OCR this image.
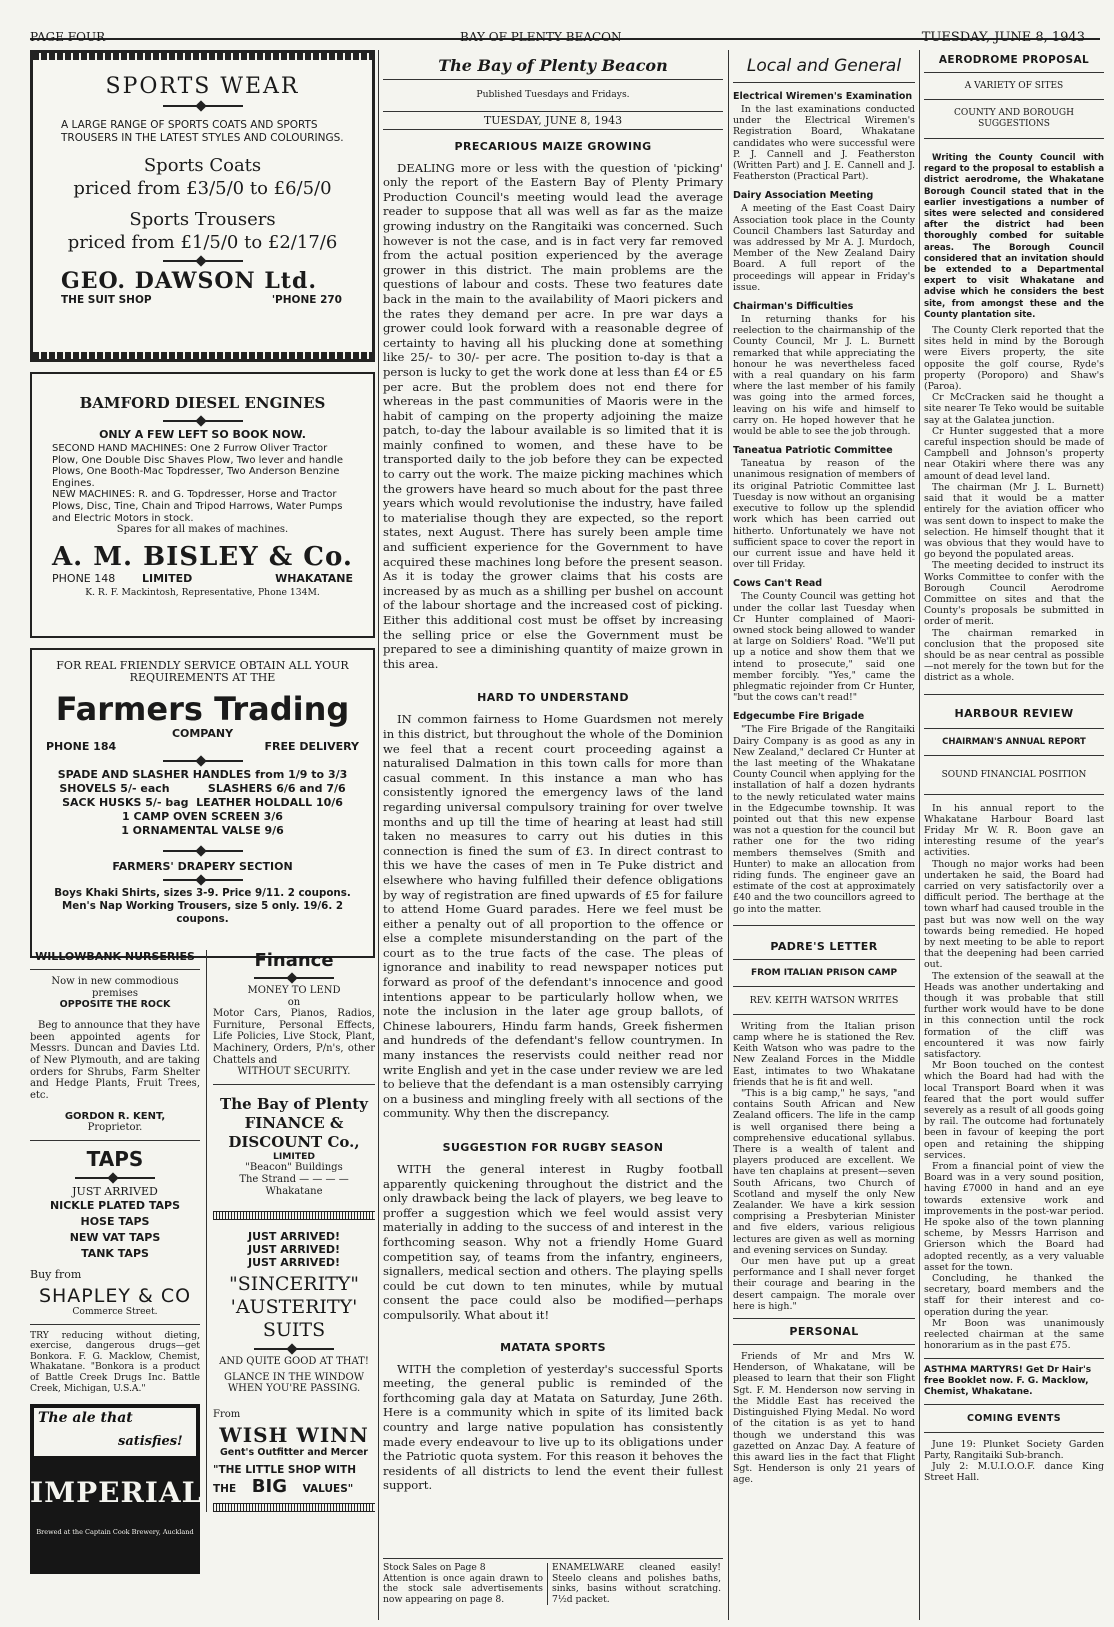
PAGE FOUR	BAY OF PLENTY BEACON	TUESDAY, JUNE 8, 1943
SPORTS WEAR
A LARGE RANGE OF SPORTS COATS AND SPORTS TROUSERS IN THE LATEST STYLES AND COLOURINGS.
Sports Coats
priced from £3/5/0 to £6/5/0
Sports Trousers
priced from £1/5/0 to £2/17/6
GEO. DAWSON Ltd.
THE SUIT SHOP	'PHONE 270
BAMFORD DIESEL ENGINES
ONLY A FEW LEFT SO BOOK NOW.
SECOND HAND MACHINES: One 2 Furrow Oliver Tractor Plow, One Double Disc Shaves Plow, Two lever and handle Plows, One Booth-Mac Topdresser, Two Anderson Benzine Engines.
NEW MACHINES: R. and G. Topdresser, Horse and Tractor Plows, Disc, Tine, Chain and Tripod Harrows, Water Pumps and Electric Motors in stock.
Spares for all makes of machines.
A. M. BISLEY & Co.
PHONE 148 LIMITED	WHAKATANE
K. R. F. Mackintosh, Representative, Phone 134M.
FOR REAL FRIENDLY SERVICE OBTAIN ALL YOUR REQUIREMENTS AT THE
Farmers Trading
COMPANY
PHONE 184	FREE DELIVERY
SPADE AND SLASHER HANDLES from 1/9 to 3/3
SHOVELS 5/- each          SLASHERS 6/6 and 7/6
SACK HUSKS 5/- bag  LEATHER HOLDALL 10/6
1 CAMP OVEN SCREEN 3/6
1 ORNAMENTAL VALSE 9/6
FARMERS' DRAPERY SECTION
Boys Khaki Shirts, sizes 3-9. Price 9/11. 2 coupons.
Men's Nap Working Trousers, size 5 only. 19/6. 2 coupons.
WILLOWBANK NURSERIES
Now in new commodious premises
OPPOSITE THE ROCK
Beg to announce that they have been appointed agents for Messrs. Duncan and Davies Ltd. of New Plymouth, and are taking orders for Shrubs, Farm Shelter and Hedge Plants, Fruit Trees, etc.
GORDON R. KENT,
Proprietor.
TAPS
JUST ARRIVED
NICKLE PLATED TAPS
HOSE TAPS
NEW VAT TAPS
TANK TAPS
Buy from
SHAPLEY & CO
Commerce Street.
TRY reducing without dieting, exercise, dangerous drugs—get Bonkora. F. G. Macklow, Chemist, Whakatane. "Bonkora is a product of Battle Creek Drugs Inc. Battle Creek, Michigan, U.S.A."
The ale that
satisfies!
IMPERIAL
Brewed at the Captain Cook Brewery, Auckland
Finance
MONEY TO LEND
on
Motor Cars, Pianos, Radios, Furniture, Personal Effects, Life Policies, Live Stock, Plant, Machinery, Orders, P/n's, other Chattels and
WITHOUT SECURITY.
The Bay of Plenty FINANCE & DISCOUNT Co.,
LIMITED
"Beacon" Buildings
The Strand — — — — Whakatane
JUST ARRIVED!
JUST ARRIVED!
JUST ARRIVED!
"SINCERITY"
'AUSTERITY'
SUITS
AND QUITE GOOD AT THAT!
GLANCE IN THE WINDOW WHEN YOU'RE PASSING.
From
WISH WINN
Gent's Outfitter and Mercer
"THE LITTLE SHOP WITH
THE BIG VALUES"
The Bay of Plenty Beacon
Published Tuesdays and Fridays.
TUESDAY, JUNE 8, 1943
PRECARIOUS MAIZE GROWING
DEALING more or less with the question of 'picking' only the report of the Eastern Bay of Plenty Primary Production Council's meeting would lead the average reader to suppose that all was well as far as the maize growing industry on the Rangitaiki was concerned. Such however is not the case, and is in fact very far removed from the actual position experienced by the average grower in this district. The main problems are the questions of labour and costs. These two features date back in the main to the availability of Maori pickers and the rates they demand per acre. In pre war days a grower could look forward with a reasonable degree of certainty to having all his plucking done at something like 25/- to 30/- per acre. The position to-day is that a person is lucky to get the work done at less than £4 or £5 per acre. But the problem does not end there for whereas in the past communities of Maoris were in the habit of camping on the property adjoining the maize patch, to-day the labour available is so limited that it is mainly confined to women, and these have to be transported daily to the job before they can be expected to carry out the work. The maize picking machines which the growers have heard so much about for the past three years which would revolutionise the industry, have failed to materialise though they are expected, so the report states, next August. There has surely been ample time and sufficient experience for the Government to have acquired these machines long before the present season. As it is today the grower claims that his costs are increased by as much as a shilling per bushel on account of the labour shortage and the increased cost of picking. Either this additional cost must be offset by increasing the selling price or else the Government must be prepared to see a diminishing quantity of maize grown in this area.
HARD TO UNDERSTAND
IN common fairness to Home Guardsmen not merely in this district, but throughout the whole of the Dominion we feel that a recent court proceeding against a naturalised Dalmation in this town calls for more than casual comment. In this instance a man who has consistently ignored the emergency laws of the land regarding universal compulsory training for over twelve months and up till the time of hearing at least had still taken no measures to carry out his duties in this connection is fined the sum of £3. In direct contrast to this we have the cases of men in Te Puke district and elsewhere who having fulfilled their defence obligations by way of registration are fined upwards of £5 for failure to attend Home Guard parades. Here we feel must be either a penalty out of all proportion to the offence or else a complete misunderstanding on the part of the court as to the true facts of the case. The pleas of ignorance and inability to read newspaper notices put forward as proof of the defendant's innocence and good intentions appear to be particularly hollow when, we note the inclusion in the later age group ballots, of Chinese labourers, Hindu farm hands, Greek fishermen and hundreds of the defendant's fellow countrymen. In many instances the reservists could neither read nor write English and yet in the case under review we are led to believe that the defendant is a man ostensibly carrying on a business and mingling freely with all sections of the community. Why then the discrepancy.
SUGGESTION FOR RUGBY SEASON
WITH the general interest in Rugby football apparently quickening throughout the district and the only drawback being the lack of players, we beg leave to proffer a suggestion which we feel would assist very materially in adding to the success of and interest in the forthcoming season. Why not a friendly Home Guard competition say, of teams from the infantry, engineers, signallers, medical section and others. The playing spells could be cut down to ten minutes, while by mutual consent the pace could also be modified—perhaps compulsorily. What about it!
MATATA SPORTS
WITH the completion of yesterday's successful Sports meeting, the general public is reminded of the forthcoming gala day at Matata on Saturday, June 26th. Here is a community which in spite of its limited back country and large native population has consistently made every endeavour to live up to its obligations under the Patriotic quota system. For this reason it behoves the residents of all districts to lend the event their fullest support.
Stock Sales on Page 8
Attention is once again drawn to the stock sale advertisements now appearing on page 8.
ENAMELWARE cleaned easily! Steelo cleans and polishes baths, sinks, basins without scratching. 7½d packet.
Local and General
Electrical Wiremen's Examination
In the last examinations conducted under the Electrical Wiremen's Registration Board, Whakatane candidates who were successful were P. J. Cannell and J. Featherston (Written Part) and J. E. Cannell and J. Featherston (Practical Part).
Dairy Association Meeting
A meeting of the East Coast Dairy Association took place in the County Council Chambers last Saturday and was addressed by Mr A. J. Murdoch, Member of the New Zealand Dairy Board. A full report of the proceedings will appear in Friday's issue.
Chairman's Difficulties
In returning thanks for his reelection to the chairmanship of the County Council, Mr J. L. Burnett remarked that while appreciating the honour he was nevertheless faced with a real quandary on his farm where the last member of his family was going into the armed forces, leaving on his wife and himself to carry on. He hoped however that he would be able to see the job through.
Taneatua Patriotic Committee
Taneatua by reason of the unanimous resignation of members of its original Patriotic Committee last Tuesday is now without an organising executive to follow up the splendid work which has been carried out hitherto. Unfortunately we have not sufficient space to cover the report in our current issue and have held it over till Friday.
Cows Can't Read
The County Council was getting hot under the collar last Tuesday when Cr Hunter complained of Maori-owned stock being allowed to wander at large on Soldiers' Road. "We'll put up a notice and show them that we intend to prosecute," said one member forcibly. "Yes," came the phlegmatic rejoinder from Cr Hunter, "but the cows can't read!"
Edgecumbe Fire Brigade
"The Fire Brigade of the Rangitaiki Dairy Company is as good as any in New Zealand," declared Cr Hunter at the last meeting of the Whakatane County Council when applying for the installation of half a dozen hydrants to the newly reticulated water mains in the Edgecumbe township. It was pointed out that this new expense was not a question for the council but rather one for the two riding members themselves (Smith and Hunter) to make an allocation from riding funds. The engineer gave an estimate of the cost at approximately £40 and the two councillors agreed to go into the matter.
PADRE'S LETTER
FROM ITALIAN PRISON CAMP
REV. KEITH WATSON WRITES
Writing from the Italian prison camp where he is stationed the Rev. Keith Watson who was padre to the New Zealand Forces in the Middle East, intimates to two Whakatane friends that he is fit and well.
"This is a big camp," he says, "and contains South African and New Zealand officers. The life in the camp is well organised there being a comprehensive educational syllabus. There is a wealth of talent and players produced are excellent. We have ten chaplains at present—seven South Africans, two Church of Scotland and myself the only New Zealander. We have a kirk session comprising a Presbyterian Minister and five elders, various religious lectures are given as well as morning and evening services on Sunday.
Our men have put up a great performance and I shall never forget their courage and bearing in the desert campaign. The morale over here is high."
PERSONAL
Friends of Mr and Mrs W. Henderson, of Whakatane, will be pleased to learn that their son Flight Sgt. F. M. Henderson now serving in the Middle East has received the Distinguished Flying Medal. No word of the citation is as yet to hand though we understand this was gazetted on Anzac Day. A feature of this award lies in the fact that Flight Sgt. Henderson is only 21 years of age.
AERODROME PROPOSAL
A VARIETY OF SITES
COUNTY AND BOROUGH SUGGESTIONS
Writing the County Council with regard to the proposal to establish a district aerodrome, the Whakatane Borough Council stated that in the earlier investigations a number of sites were selected and considered after the district had been thoroughly combed for suitable areas. The Borough Council considered that an invitation should be extended to a Departmental expert to visit Whakatane and advise which he considers the best site, from amongst these and the County plantation site.
The County Clerk reported that the sites held in mind by the Borough were Eivers property, the site opposite the golf course, Ryde's property (Poroporo) and Shaw's (Paroa).
Cr McCracken said he thought a site nearer Te Teko would be suitable say at the Galatea junction.
Cr Hunter suggested that a more careful inspection should be made of Campbell and Johnson's property near Otakiri where there was any amount of dead level land.
The chairman (Mr J. L. Burnett) said that it would be a matter entirely for the aviation officer who was sent down to inspect to make the selection. He himself thought that it was obvious that they would have to go beyond the populated areas.
The meeting decided to instruct its Works Committee to confer with the Borough Council Aerodrome Committee on sites and that the County's proposals be submitted in order of merit.
The chairman remarked in conclusion that the proposed site should be as near central as possible—not merely for the town but for the district as a whole.
HARBOUR REVIEW
CHAIRMAN'S ANNUAL REPORT
SOUND FINANCIAL POSITION
In his annual report to the Whakatane Harbour Board last Friday Mr W. R. Boon gave an interesting resume of the year's activities.
Though no major works had been undertaken he said, the Board had carried on very satisfactorily over a difficult period. The berthage at the town wharf had caused trouble in the past but was now well on the way towards being remedied. He hoped by next meeting to be able to report that the deepening had been carried out.
The extension of the seawall at the Heads was another undertaking and though it was probable that still further work would have to be done in this connection until the rock formation of the cliff was encountered it was now fairly satisfactory.
Mr Boon touched on the contest which the Board had had with the local Transport Board when it was feared that the port would suffer severely as a result of all goods going by rail. The outcome had fortunately been in favour of keeping the port open and retaining the shipping services.
From a financial point of view the Board was in a very sound position, having £7000 in hand and an eye towards extensive work and improvements in the post-war period. He spoke also of the town planning scheme, by Messrs Harrison and Grierson which the Board had adopted recently, as a very valuable asset for the town.
Concluding, he thanked the secretary, board members and the staff for their interest and co-operation during the year.
Mr Boon was unanimously reelected chairman at the same honorarium as in the past £75.
ASTHMA MARTYRS! Get Dr Hair's free Booklet now. F. G. Macklow, Chemist, Whakatane.
COMING EVENTS
June 19: Plunket Society Garden Party, Rangitaiki Sub-branch.
July 2: M.U.I.O.O.F. dance King Street Hall.
